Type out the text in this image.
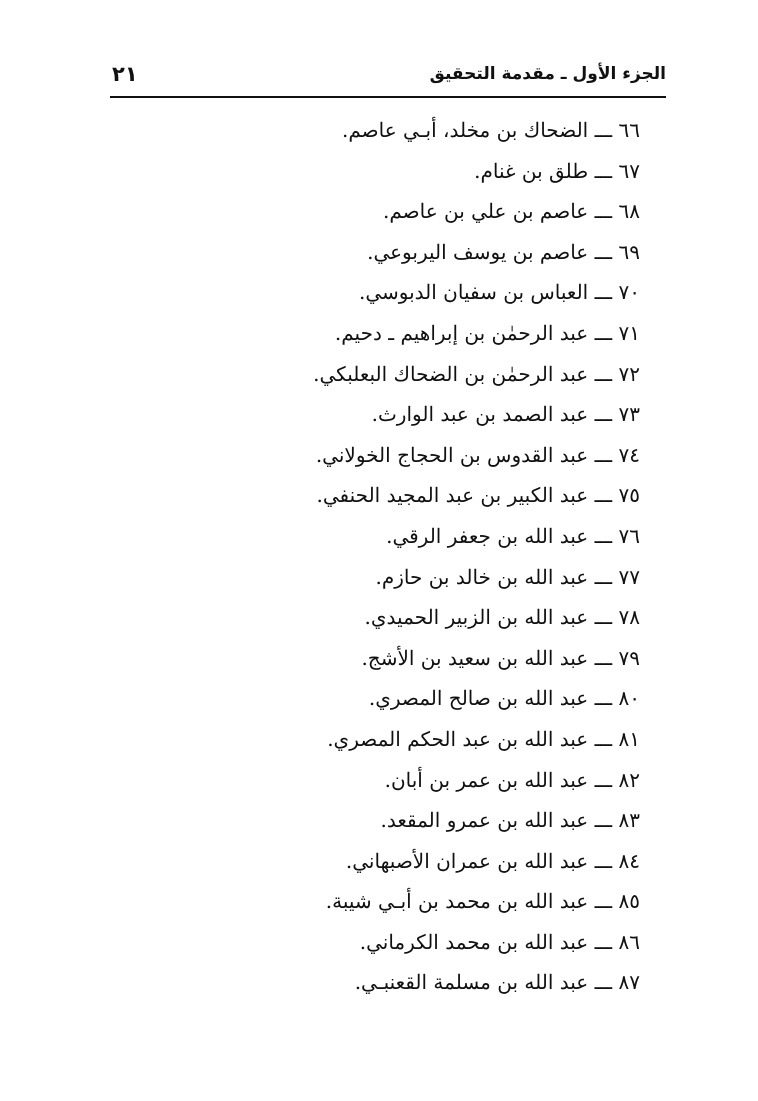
الجزء الأول ـ مقدمة التحقيق
٢١
٦٦ ـــ الضحاك بن مخلد، أبـي عاصم.
٦٧ ـــ طلق بن غنام.
٦٨ ـــ عاصم بن علي بن عاصم.
٦٩ ـــ عاصم بن يوسف اليربوعي.
٧٠ ـــ العباس بن سفيان الدبوسي.
٧١ ـــ عبد الرحمٰن بن إبراهيم ـ دحيم.
٧٢ ـــ عبد الرحمٰن بن الضحاك البعلبكي.
٧٣ ـــ عبد الصمد بن عبد الوارث.
٧٤ ـــ عبد القدوس بن الحجاج الخولاني.
٧٥ ـــ عبد الكبير بن عبد المجيد الحنفي.
٧٦ ـــ عبد الله بن جعفر الرقي.
٧٧ ـــ عبد الله بن خالد بن حازم.
٧٨ ـــ عبد الله بن الزبير الحميدي.
٧٩ ـــ عبد الله بن سعيد بن الأشج.
٨٠ ـــ عبد الله بن صالح المصري.
٨١ ـــ عبد الله بن عبد الحكم المصري.
٨٢ ـــ عبد الله بن عمر بن أبان.
٨٣ ـــ عبد الله بن عمرو المقعد.
٨٤ ـــ عبد الله بن عمران الأصبهاني.
٨٥ ـــ عبد الله بن محمد بن أبـي شيبة.
٨٦ ـــ عبد الله بن محمد الكرماني.
٨٧ ـــ عبد الله بن مسلمة القعنبـي.
